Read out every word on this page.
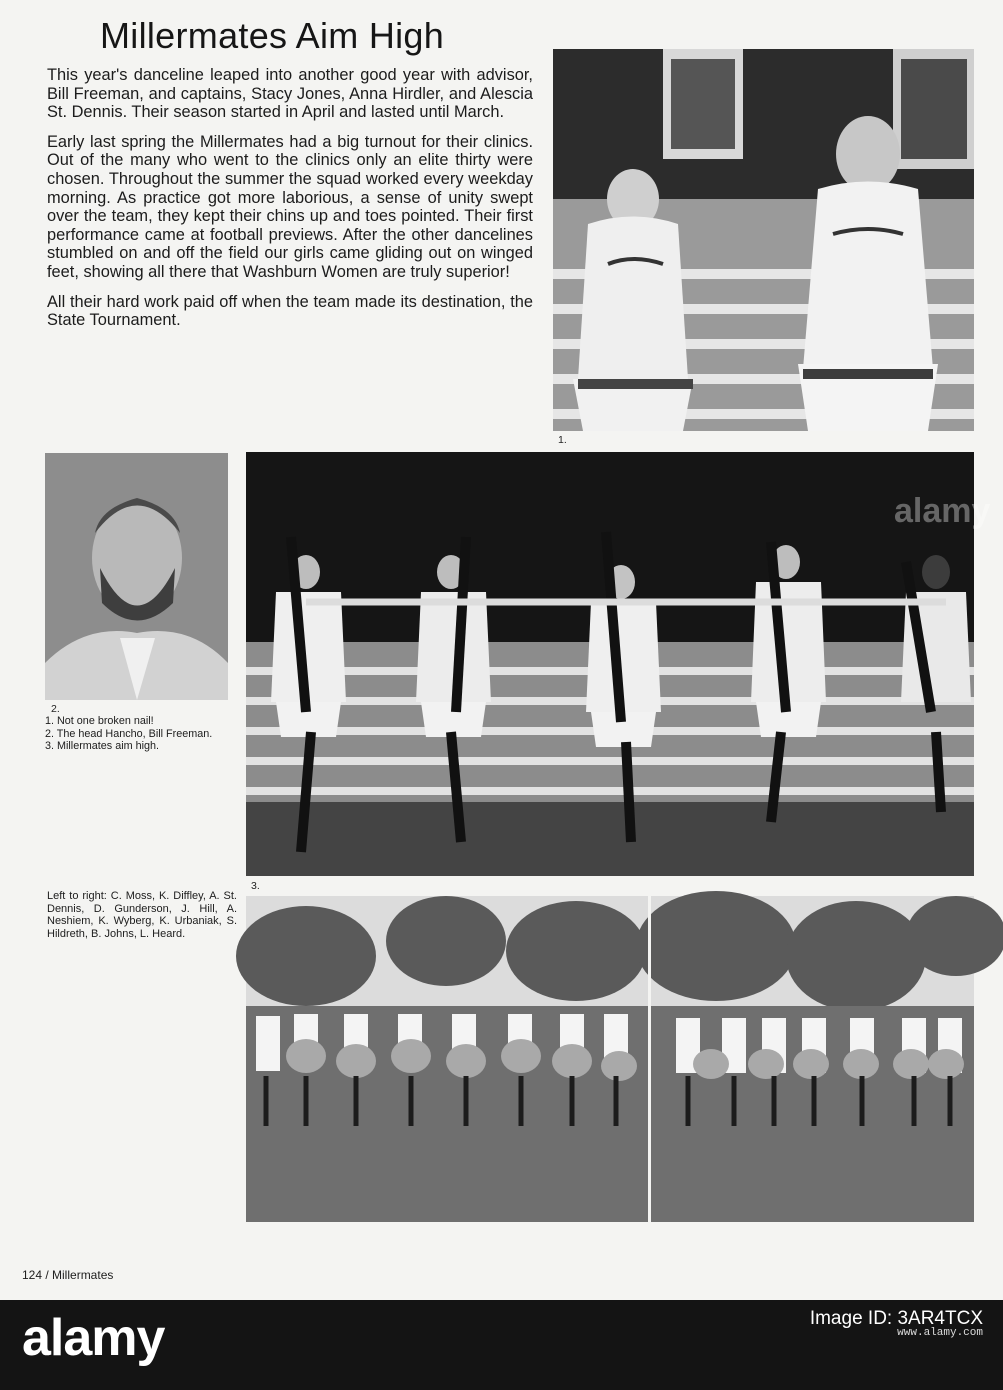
Millermates Aim High

This year's danceline leaped into another good year with advisor, Bill Freeman, and captains, Stacy Jones, Anna Hirdler, and Alescia St. Dennis. Their season started in April and lasted until March.

Early last spring the Millermates had a big turnout for their clinics. Out of the many who went to the clinics only an elite thirty were chosen. Throughout the summer the squad worked every weekday morning. As practice got more laborious, a sense of unity swept over the team, they kept their chins up and toes pointed. Their first performance came at football previews. After the other dancelines stumbled on and off the field our girls came gliding out on winged feet, showing all there that Washburn Women are truly superior!

All their hard work paid off when the team made its destination, the State Tournament.

1.
2.
1. Not one broken nail!
2. The head Hancho, Bill Freeman.
3. Millermates aim high.
alamy
3.
Left to right: C. Moss, K. Diffley, A. St. Dennis, D. Gunderson, J. Hill, A. Neshiem, K. Wyberg, K. Urbaniak, S. Hildreth, B. Johns, L. Heard.
124 / Millermates
alamy	Image ID: 3AR4TCX
www.alamy.com
